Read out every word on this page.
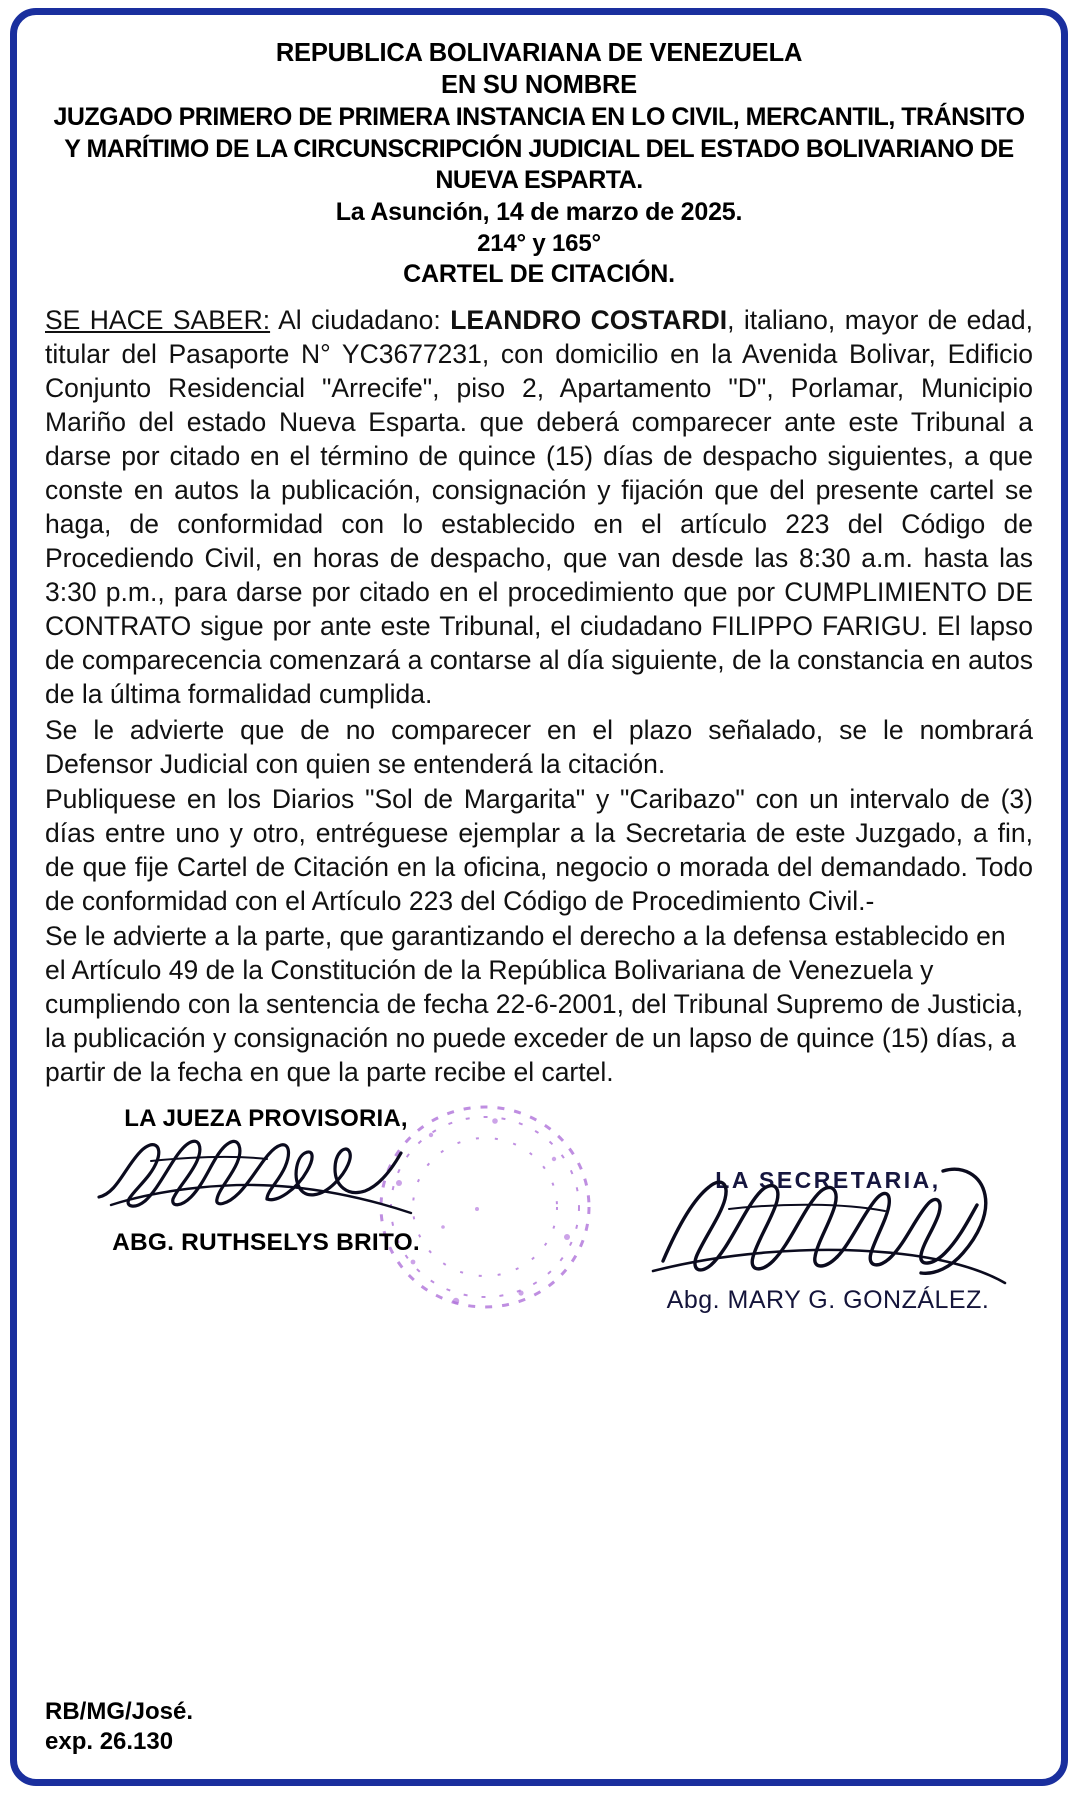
REPUBLICA BOLIVARIANA DE VENEZUELA
EN SU NOMBRE
JUZGADO PRIMERO DE PRIMERA INSTANCIA EN LO CIVIL, MERCANTIL, TRÁNSITO Y MARÍTIMO DE LA CIRCUNSCRIPCIÓN JUDICIAL DEL ESTADO BOLIVARIANO DE NUEVA ESPARTA.
La Asunción, 14 de marzo de 2025.
214° y 165°
CARTEL DE CITACIÓN.

SE HACE SABER: Al ciudadano: LEANDRO COSTARDI, italiano, mayor de edad, titular del Pasaporte N° YC3677231, con domicilio en la Avenida Bolivar, Edificio Conjunto Residencial "Arrecife", piso 2, Apartamento "D", Porlamar, Municipio Mariño del estado Nueva Esparta. que deberá comparecer ante este Tribunal a darse por citado en el término de quince (15) días de despacho siguientes, a que conste en autos la publicación, consignación y fijación que del presente cartel se haga, de conformidad con lo establecido en el artículo 223 del Código de Procediendo Civil, en horas de despacho, que van desde las 8:30 a.m. hasta las 3:30 p.m., para darse por citado en el procedimiento que por CUMPLIMIENTO DE CONTRATO sigue por ante este Tribunal, el ciudadano FILIPPO FARIGU. El lapso de comparecencia comenzará a contarse al día siguiente, de la constancia en autos de la última formalidad cumplida.

Se le advierte que de no comparecer en el plazo señalado, se le nombrará Defensor Judicial con quien se entenderá la citación.

Publiquese en los Diarios "Sol de Margarita" y "Caribazo" con un intervalo de (3) días entre uno y otro, entréguese ejemplar a la Secretaria de este Juzgado, a fin, de que fije Cartel de Citación en la oficina, negocio o morada del demandado. Todo de conformidad con el Artículo 223 del Código de Procedimiento Civil.-

Se le advierte a la parte, que garantizando el derecho a la defensa establecido en el Artículo 49 de la Constitución de la República Bolivariana de Venezuela y cumpliendo con la sentencia de fecha 22-6-2001, del Tribunal Supremo de Justicia, la publicación y consignación no puede exceder de un lapso de quince (15) días, a partir de la fecha en que la parte recibe el cartel.

LA JUEZA PROVISORIA,
ABG. RUTHSELYS BRITO.
LA SECRETARIA,
Abg. MARY G. GONZÁLEZ.
RB/MG/José.
exp. 26.130
